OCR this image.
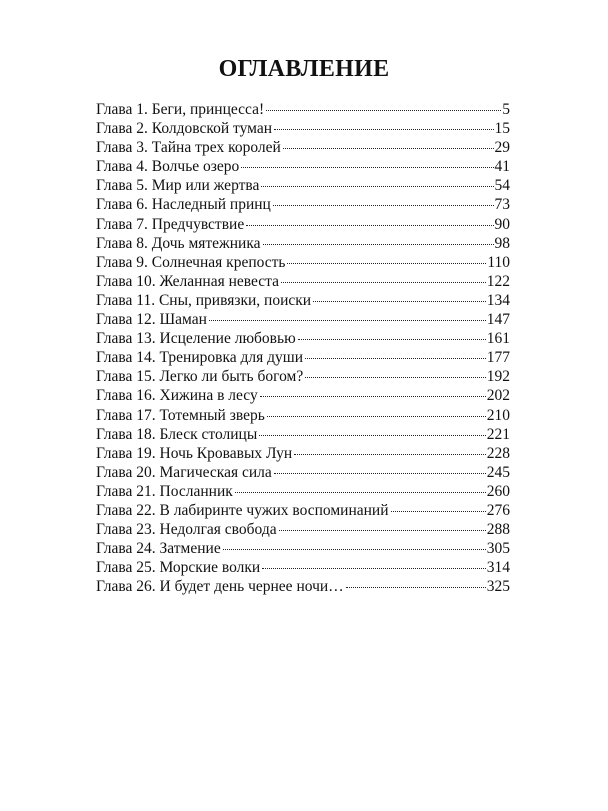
ОГЛАВЛЕНИЕ
Глава 1. Беги, принцесса!	5
Глава 2. Колдовской туман	15
Глава 3. Тайна трех королей	29
Глава 4. Волчье озеро	41
Глава 5. Мир или жертва	54
Глава 6. Наследный принц	73
Глава 7. Предчувствие	90
Глава 8. Дочь мятежника	98
Глава 9. Солнечная крепость	110
Глава 10. Желанная невеста	122
Глава 11. Сны, привязки, поиски	134
Глава 12. Шаман	147
Глава 13. Исцеление любовью	161
Глава 14. Тренировка для души	177
Глава 15. Легко ли быть богом?	192
Глава 16. Хижина в лесу	202
Глава 17. Тотемный зверь	210
Глава 18. Блеск столицы	221
Глава 19. Ночь Кровавых Лун	228
Глава 20. Магическая сила	245
Глава 21. Посланник	260
Глава 22. В лабиринте чужих воспоминаний	276
Глава 23. Недолгая свобода	288
Глава 24. Затмение	305
Глава 25. Морские волки	314
Глава 26. И будет день чернее ночи…	325
